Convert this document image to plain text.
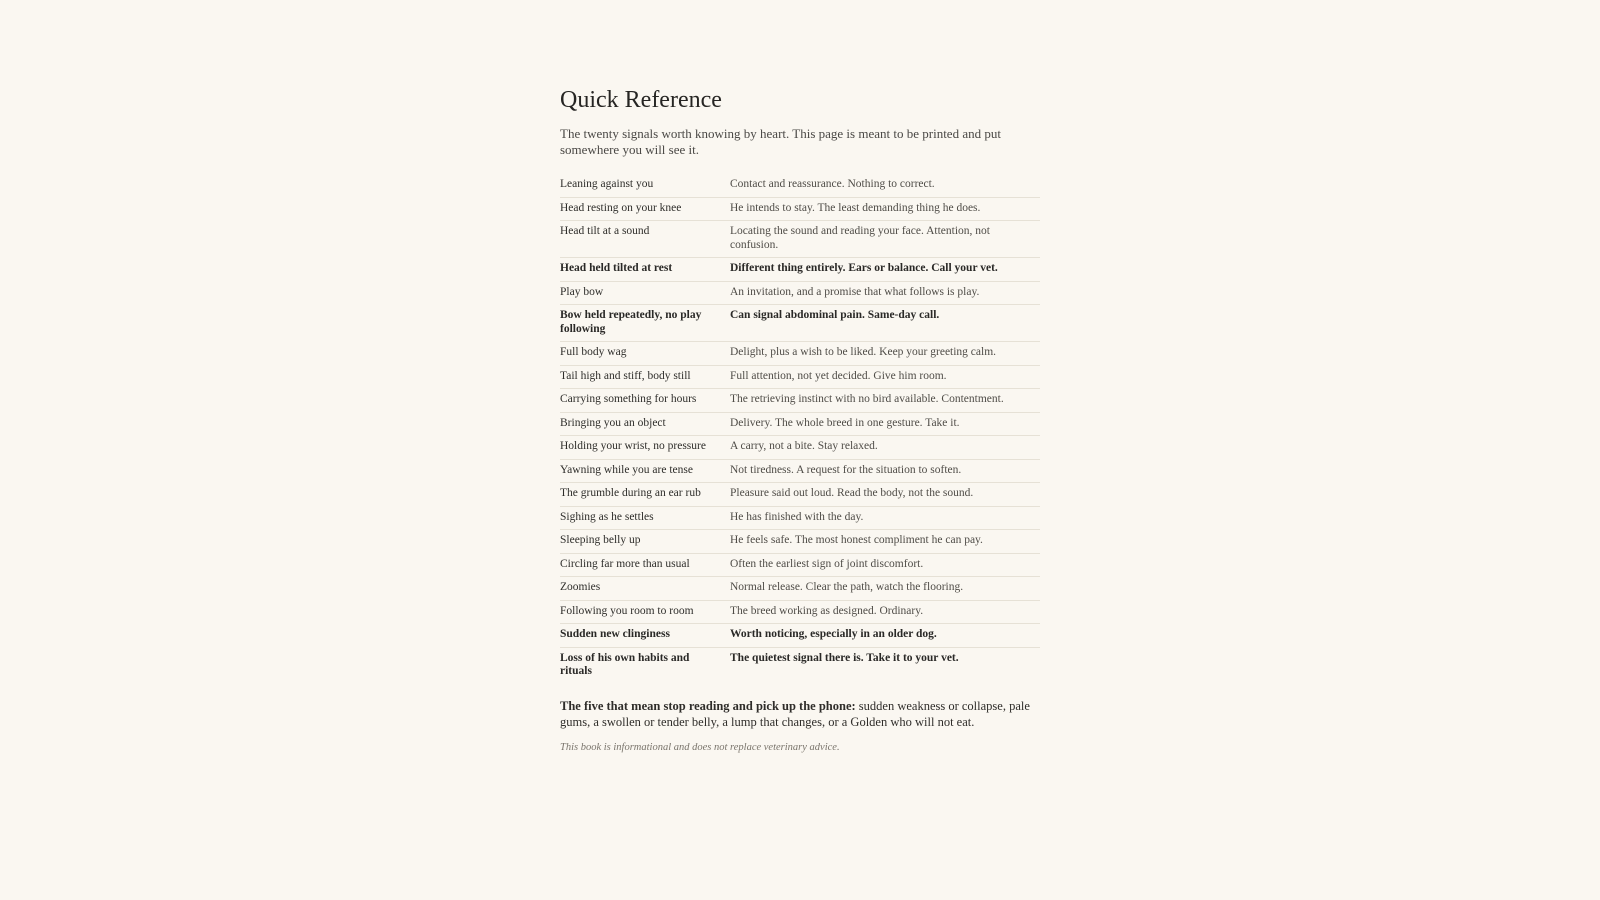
Quick Reference

The twenty signals worth knowing by heart. This page is meant to be printed and put somewhere you will see it.

Leaning against you	Contact and reassurance. Nothing to correct.
Head resting on your knee	He intends to stay. The least demanding thing he does.
Head tilt at a sound	Locating the sound and reading your face. Attention, not confusion.
Head held tilted at rest	Different thing entirely. Ears or balance. Call your vet.
Play bow	An invitation, and a promise that what follows is play.
Bow held repeatedly, no play following	Can signal abdominal pain. Same-day call.
Full body wag	Delight, plus a wish to be liked. Keep your greeting calm.
Tail high and stiff, body still	Full attention, not yet decided. Give him room.
Carrying something for hours	The retrieving instinct with no bird available. Contentment.
Bringing you an object	Delivery. The whole breed in one gesture. Take it.
Holding your wrist, no pressure	A carry, not a bite. Stay relaxed.
Yawning while you are tense	Not tiredness. A request for the situation to soften.
The grumble during an ear rub	Pleasure said out loud. Read the body, not the sound.
Sighing as he settles	He has finished with the day.
Sleeping belly up	He feels safe. The most honest compliment he can pay.
Circling far more than usual	Often the earliest sign of joint discomfort.
Zoomies	Normal release. Clear the path, watch the flooring.
Following you room to room	The breed working as designed. Ordinary.
Sudden new clinginess	Worth noticing, especially in an older dog.
Loss of his own habits and rituals	The quietest signal there is. Take it to your vet.

The five that mean stop reading and pick up the phone: sudden weakness or collapse, pale gums, a swollen or tender belly, a lump that changes, or a Golden who will not eat.

This book is informational and does not replace veterinary advice.
